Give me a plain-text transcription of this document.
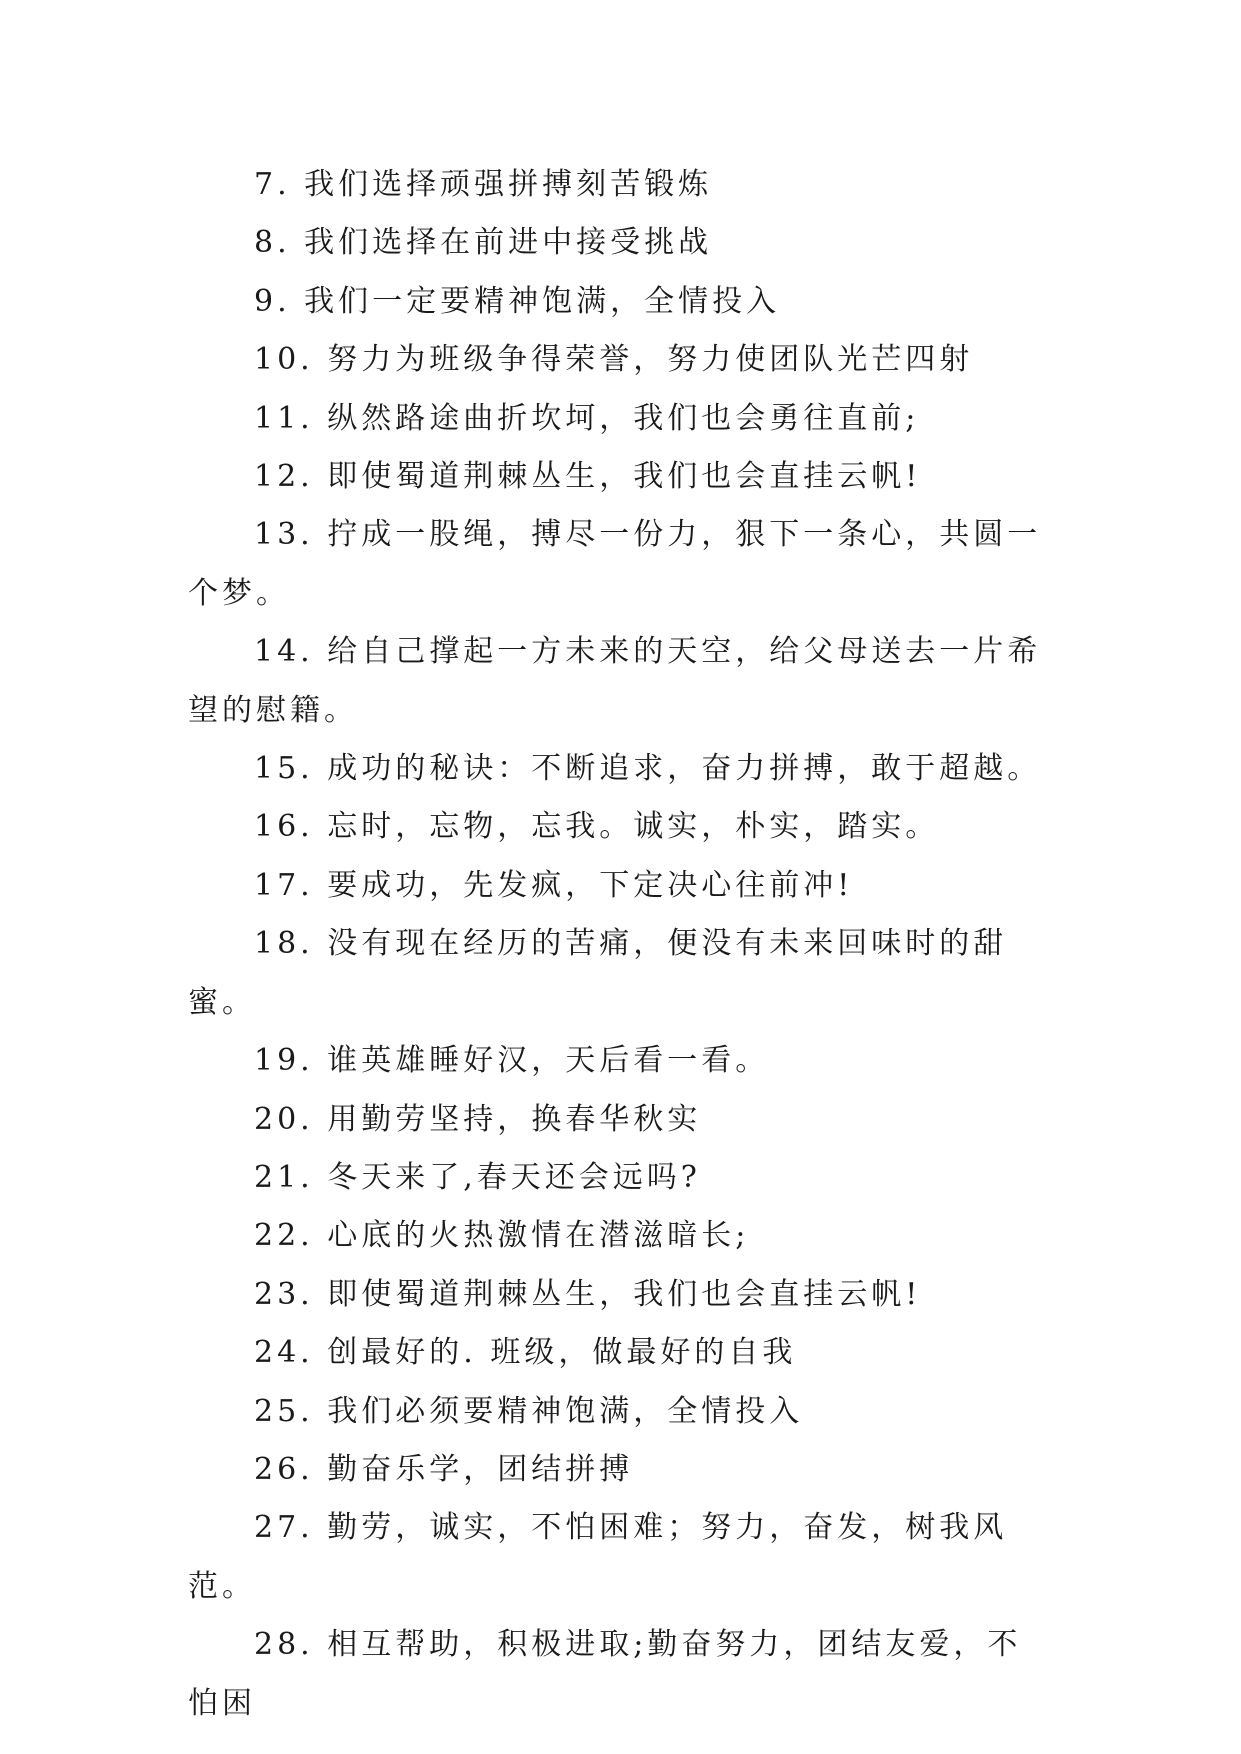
7. 我们选择顽强拼搏刻苦锻炼

8. 我们选择在前进中接受挑战

9. 我们一定要精神饱满，全情投入

10. 努力为班级争得荣誉，努力使团队光芒四射

11. 纵然路途曲折坎坷，我们也会勇往直前;

12. 即使蜀道荆棘丛生，我们也会直挂云帆!

13. 拧成一股绳，搏尽一份力，狠下一条心，共圆一个梦。

14. 给自己撑起一方未来的天空，给父母送去一片希望的慰籍。

15. 成功的秘诀：不断追求，奋力拼搏，敢于超越。

16. 忘时，忘物，忘我。诚实，朴实，踏实。

17. 要成功，先发疯，下定决心往前冲!

18. 没有现在经历的苦痛，便没有未来回味时的甜蜜。

19. 谁英雄睡好汉，天后看一看。

20. 用勤劳坚持，换春华秋实

21. 冬天来了,春天还会远吗?

22. 心底的火热激情在潜滋暗长;

23. 即使蜀道荆棘丛生，我们也会直挂云帆!

24. 创最好的. 班级，做最好的自我

25. 我们必须要精神饱满，全情投入

26. 勤奋乐学，团结拼搏

27. 勤劳，诚实，不怕困难；努力，奋发，树我风范。

28. 相互帮助，积极进取;勤奋努力，团结友爱，不怕困
